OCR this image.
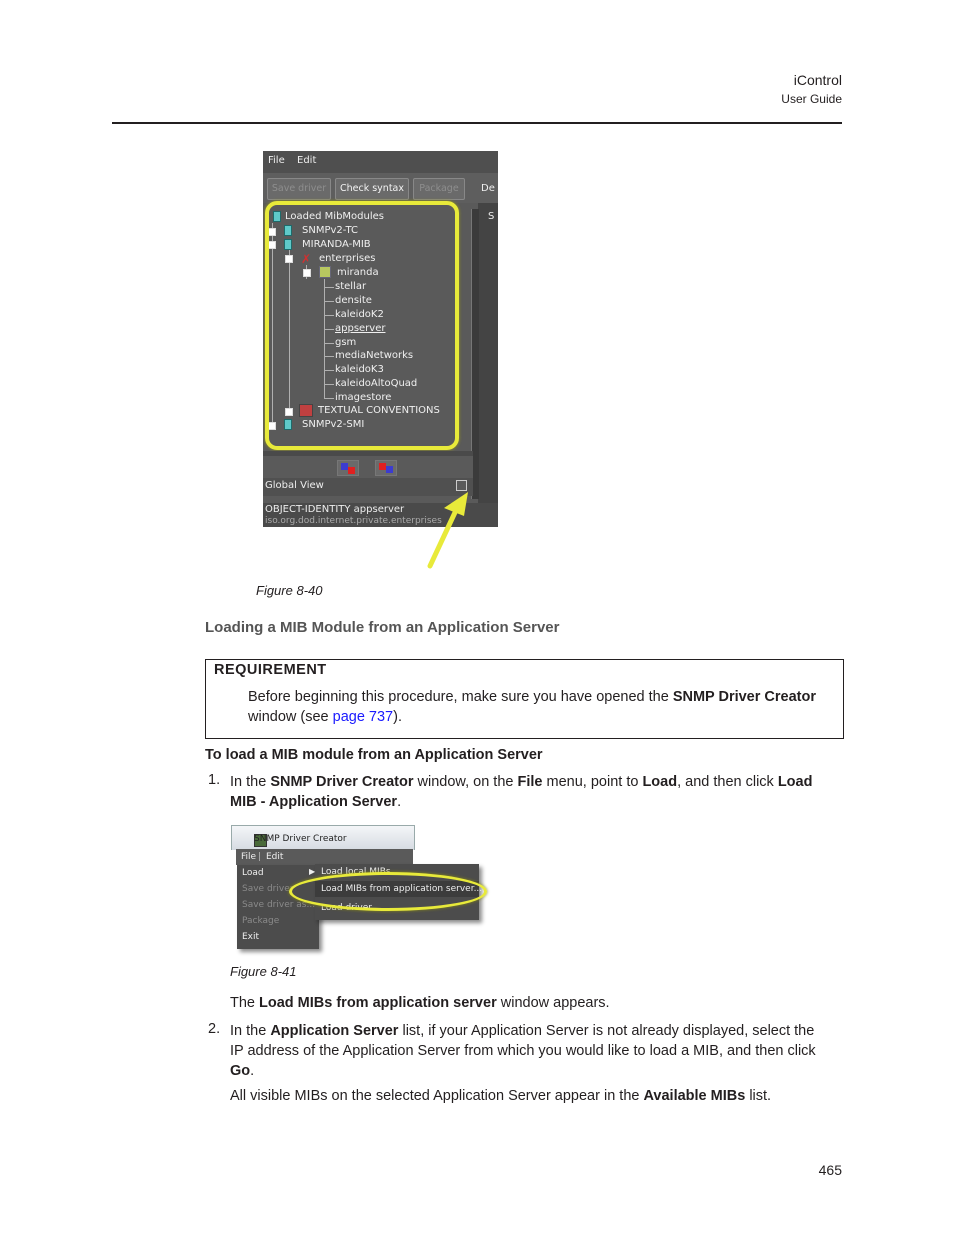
iControl
User Guide
File Edit
Save driver	Check syntax	Package	De
S
Loaded MibModules
SNMPv2-TC
MIRANDA-MIB
✗ enterprises
miranda
stellar
densite
kaleidoK2
appserver
gsm
mediaNetworks
kaleidoK3
kaleidoAltoQuad
imagestore
TEXTUAL CONVENTIONS
SNMPv2-SMI
Global View
OBJECT-IDENTITY appserver
iso.org.dod.internet.private.enterprises
Figure 8-40
Loading a MIB Module from an Application Server
REQUIREMENT
Before beginning this procedure, make sure you have opened the SNMP Driver Creator
window (see page 737).
To load a MIB module from an Application Server
1. In the SNMP Driver Creator window, on the File menu, point to Load, and then click Load
MIB - Application Server.
SNMP Driver Creator
File | Edit
Load	▶
Save driver
Save driver as...
Package
Exit
Load local MIBs...
Load MIBs from application server...
Load driver...
Figure 8-41
The Load MIBs from application server window appears.
2. In the Application Server list, if your Application Server is not already displayed, select the
IP address of the Application Server from which you would like to load a MIB, and then click
Go.
All visible MIBs on the selected Application Server appear in the Available MIBs list.
465
